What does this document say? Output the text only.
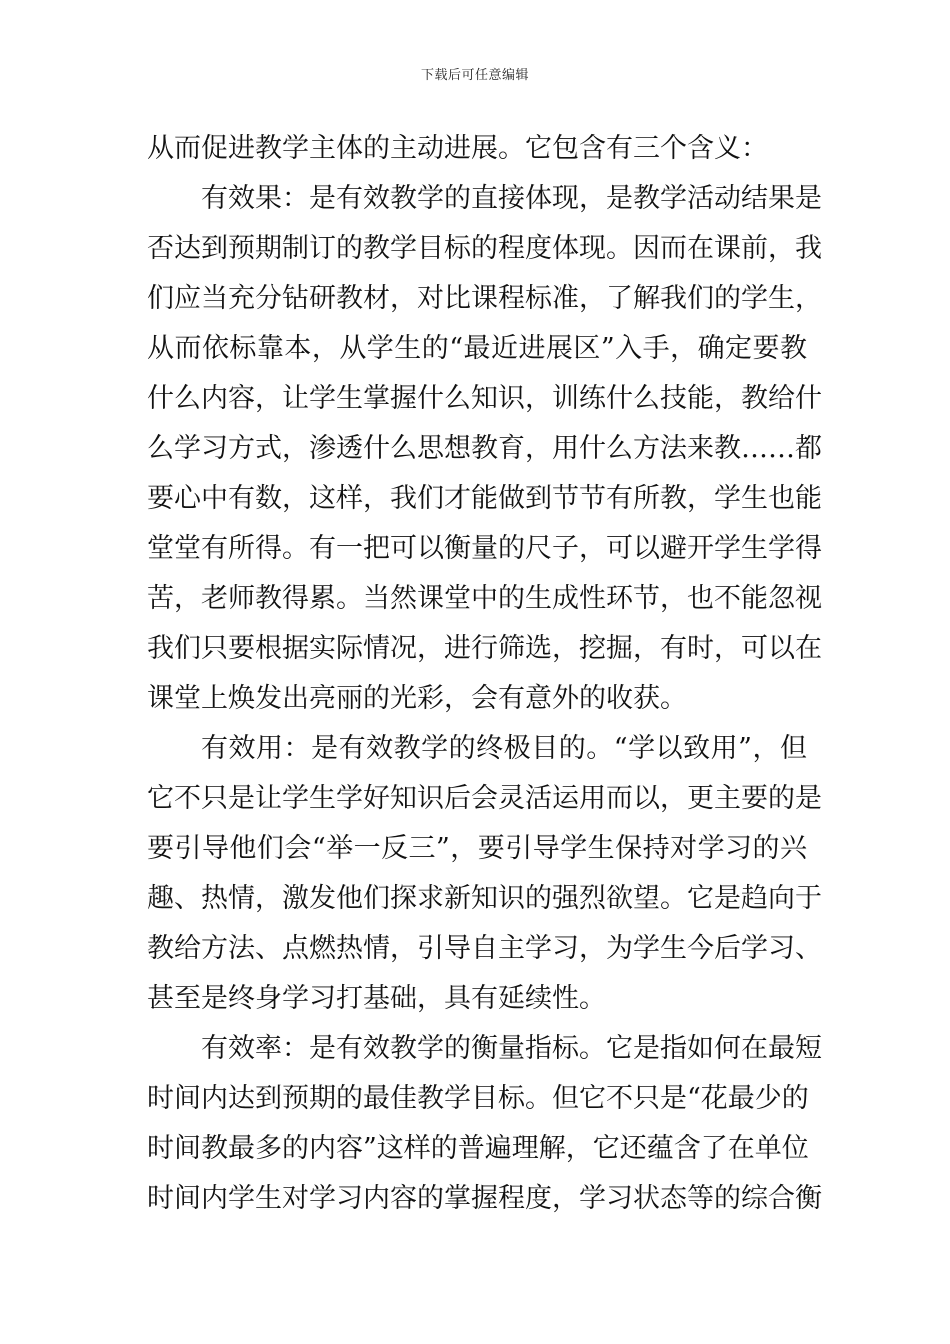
下载后可任意编辑
从而促进教学主体的主动进展。它包含有三个含义：
有效果：是有效教学的直接体现，是教学活动结果是
否达到预期制订的教学目标的程度体现。因而在课前，我
们应当充分钻研教材，对比课程标准，了解我们的学生，
从而依标靠本，从学生的“最近进展区”入手，确定要教
什么内容，让学生掌握什么知识，训练什么技能，教给什
么学习方式，渗透什么思想教育，用什么方法来教……都
要心中有数，这样，我们才能做到节节有所教，学生也能
堂堂有所得。有一把可以衡量的尺子，可以避开学生学得
苦，老师教得累。当然课堂中的生成性环节，也不能忽视
我们只要根据实际情况，进行筛选，挖掘，有时，可以在
课堂上焕发出亮丽的光彩，会有意外的收获。
有效用：是有效教学的终极目的。“学以致用”，但
它不只是让学生学好知识后会灵活运用而以，更主要的是
要引导他们会“举一反三”，要引导学生保持对学习的兴
趣、热情，激发他们探求新知识的强烈欲望。它是趋向于
教给方法、点燃热情，引导自主学习，为学生今后学习、
甚至是终身学习打基础，具有延续性。
有效率：是有效教学的衡量指标。它是指如何在最短
时间内达到预期的最佳教学目标。但它不只是“花最少的
时间教最多的内容”这样的普遍理解，它还蕴含了在单位
时间内学生对学习内容的掌握程度，学习状态等的综合衡
